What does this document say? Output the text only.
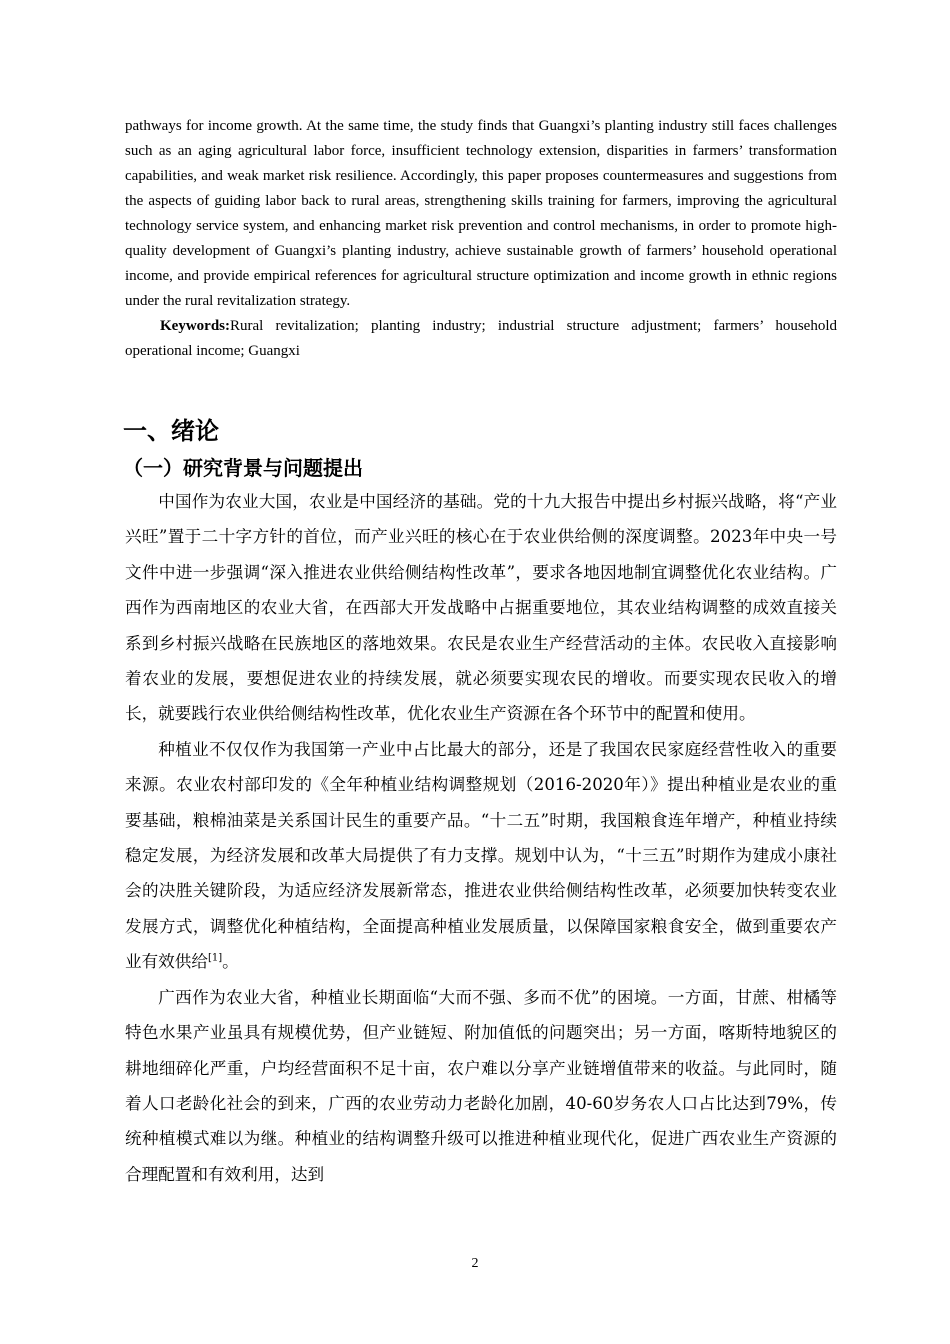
pathways for income growth. At the same time, the study finds that Guangxi’s planting industry still faces challenges such as an aging agricultural labor force, insufficient technology extension, disparities in farmers’ transformation capabilities, and weak market risk resilience. Accordingly, this paper proposes countermeasures and suggestions from the aspects of guiding labor back to rural areas, strengthening skills training for farmers, improving the agricultural technology service system, and enhancing market risk prevention and control mechanisms, in order to promote high-quality development of Guangxi’s planting industry, achieve sustainable growth of farmers’ household operational income, and provide empirical references for agricultural structure optimization and income growth in ethnic regions under the rural revitalization strategy.

Keywords:Rural revitalization; planting industry; industrial structure adjustment; farmers’ household operational income; Guangxi

一、绪论
（一）研究背景与问题提出

中国作为农业大国，农业是中国经济的基础。党的十九大报告中提出乡村振兴战略，将“产业兴旺”置于二十字方针的首位，而产业兴旺的核心在于农业供给侧的深度调整。2023年中央一号文件中进一步强调“深入推进农业供给侧结构性改革”，要求各地因地制宜调整优化农业结构。广西作为西南地区的农业大省，在西部大开发战略中占据重要地位，其农业结构调整的成效直接关系到乡村振兴战略在民族地区的落地效果。农民是农业生产经营活动的主体。农民收入直接影响着农业的发展，要想促进农业的持续发展，就必须要实现农民的增收。而要实现农民收入的增长，就要践行农业供给侧结构性改革，优化农业生产资源在各个环节中的配置和使用。

种植业不仅仅作为我国第一产业中占比最大的部分，还是了我国农民家庭经营性收入的重要来源。农业农村部印发的《全年种植业结构调整规划（2016-2020年）》提出种植业是农业的重要基础，粮棉油菜是关系国计民生的重要产品。“十二五”时期，我国粮食连年增产，种植业持续稳定发展，为经济发展和改革大局提供了有力支撑。规划中认为，“十三五”时期作为建成小康社会的决胜关键阶段，为适应经济发展新常态，推进农业供给侧结构性改革，必须要加快转变农业发展方式，调整优化种植结构，全面提高种植业发展质量，以保障国家粮食安全，做到重要农产业有效供给[1]。

广西作为农业大省，种植业长期面临“大而不强、多而不优”的困境。一方面，甘蔗、柑橘等特色水果产业虽具有规模优势，但产业链短、附加值低的问题突出；另一方面，喀斯特地貌区的耕地细碎化严重，户均经营面积不足十亩，农户难以分享产业链增值带来的收益。与此同时，随着人口老龄化社会的到来，广西的农业劳动力老龄化加剧，40-60岁务农人口占比达到79%，传统种植模式难以为继。种植业的结构调整升级可以推进种植业现代化，促进广西农业生产资源的合理配置和有效利用，达到

2
